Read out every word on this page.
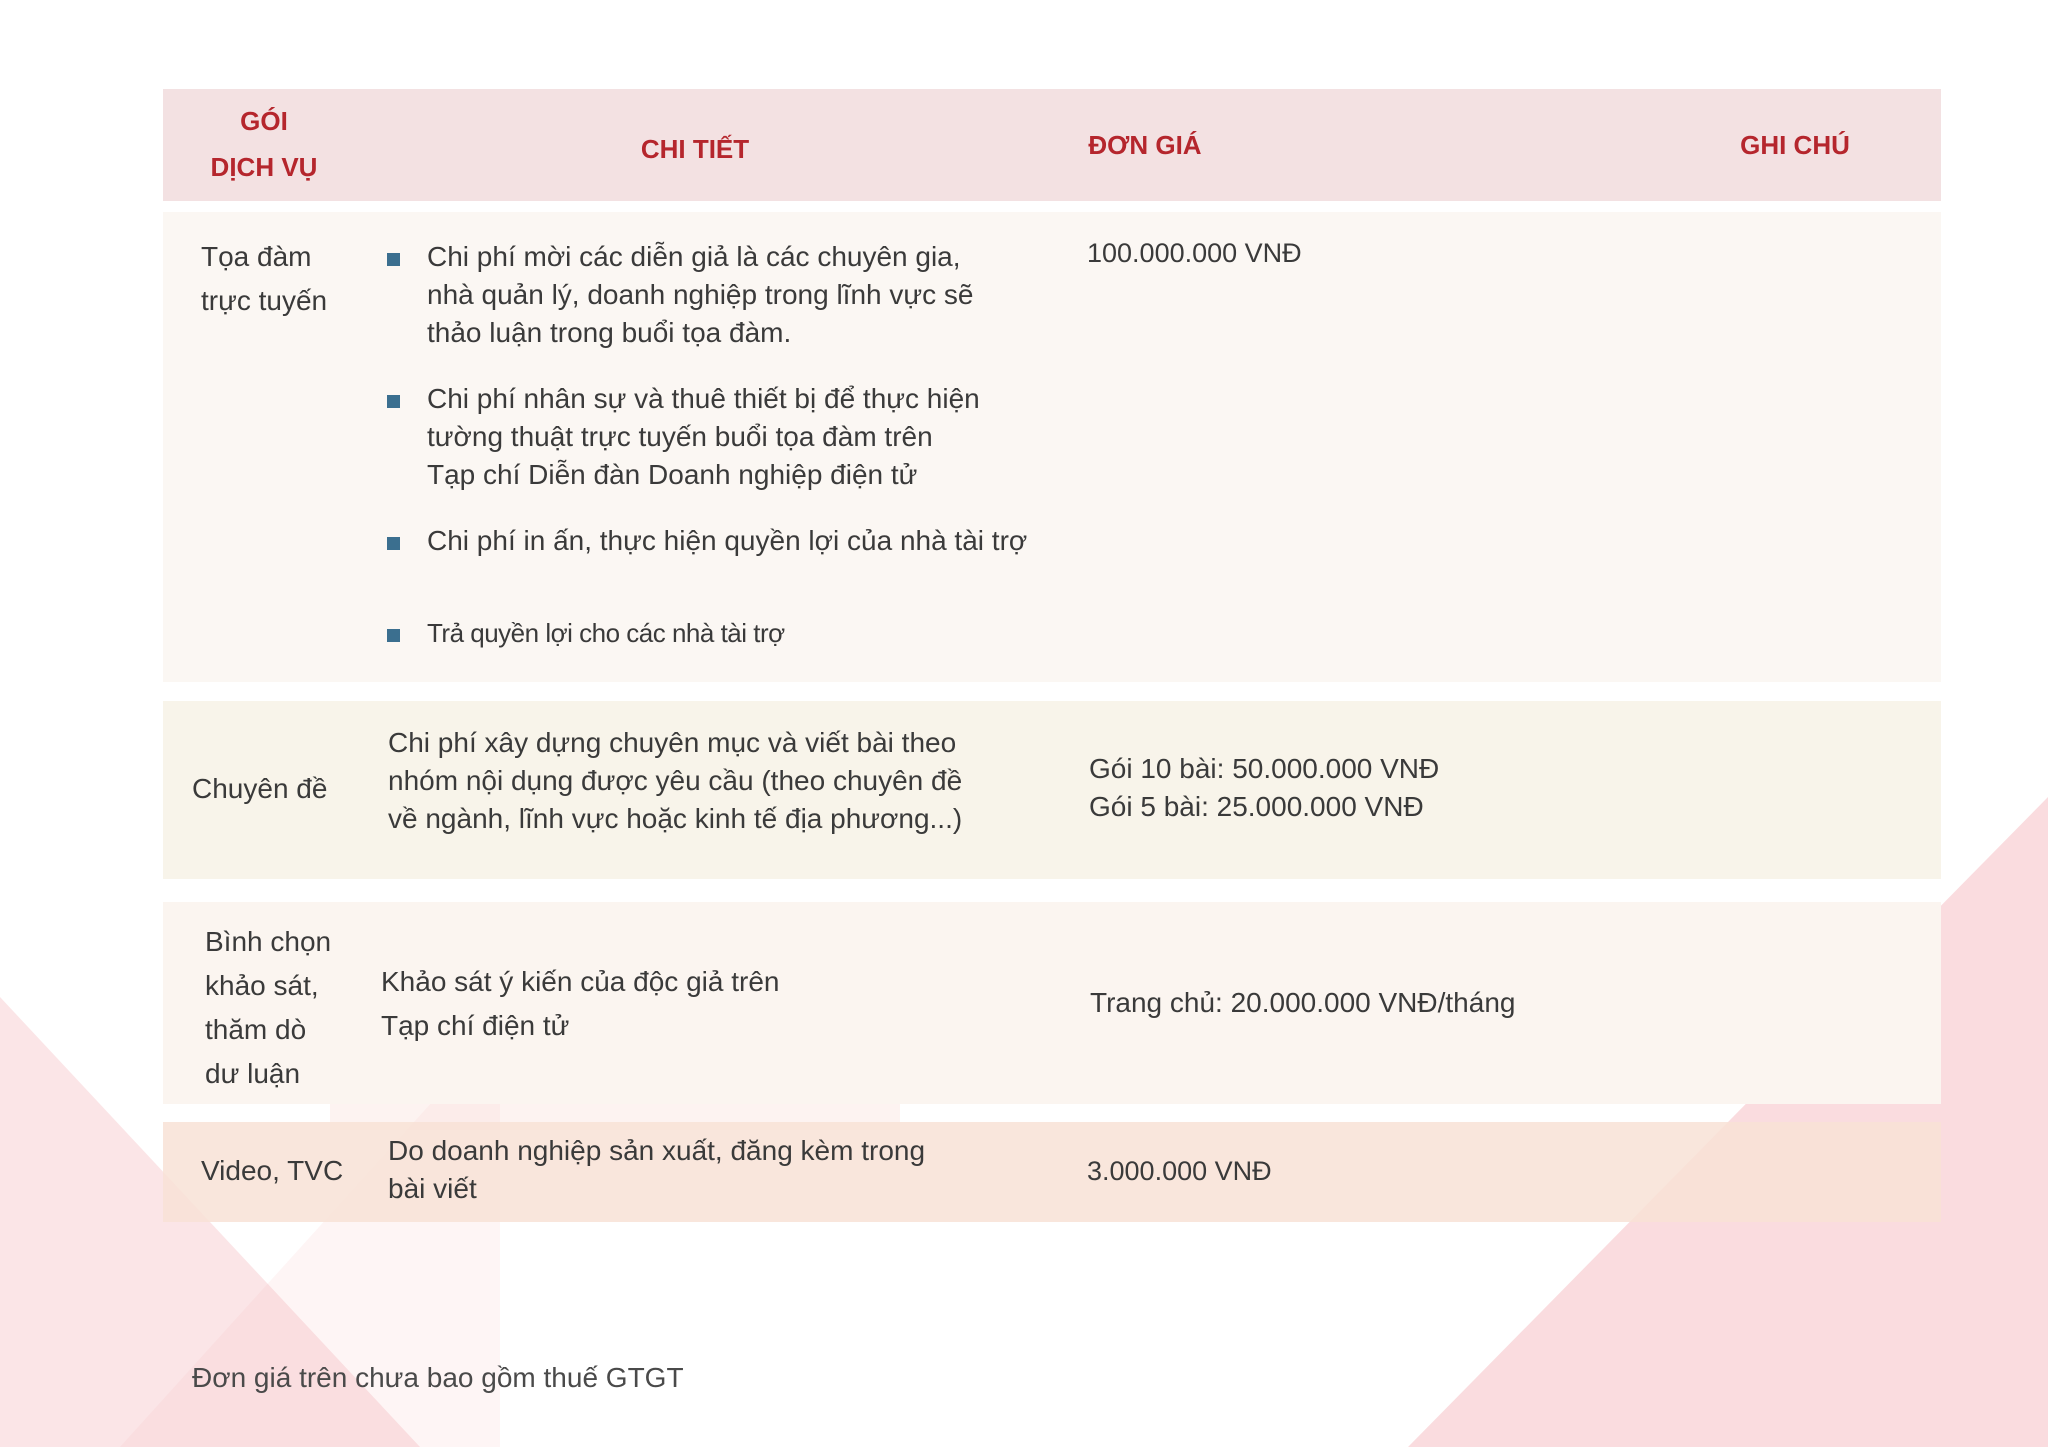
GÓI
DỊCH VỤ
CHI TIẾT	ĐƠN GIÁ	GHI CHÚ
Tọa đàm
trực tuyến
Chi phí mời các diễn giả là các chuyên gia,
nhà quản lý, doanh nghiệp trong lĩnh vực sẽ
thảo luận trong buổi tọa đàm.
Chi phí nhân sự và thuê thiết bị để thực hiện
tường thuật trực tuyến buổi tọa đàm trên
Tạp chí Diễn đàn Doanh nghiệp điện tử
Chi phí in ấn, thực hiện quyền lợi của nhà tài trợ
Trả quyền lợi cho các nhà tài trợ
100.000.000 VNĐ
Chuyên đề
Chi phí xây dựng chuyên mục và viết bài theo
nhóm nội dụng được yêu cầu (theo chuyên đề
về ngành, lĩnh vực hoặc kinh tế địa phương...)
Gói 10 bài: 50.000.000 VNĐ
Gói 5 bài: 25.000.000 VNĐ
Bình chọn
khảo sát,
thăm dò
dư luận
Khảo sát ý kiến của độc giả trên
Tạp chí điện tử
Trang chủ: 20.000.000 VNĐ/tháng
Video, TVC
Do doanh nghiệp sản xuất, đăng kèm trong
bài viết
3.000.000 VNĐ
Đơn giá trên chưa bao gồm thuế GTGT
